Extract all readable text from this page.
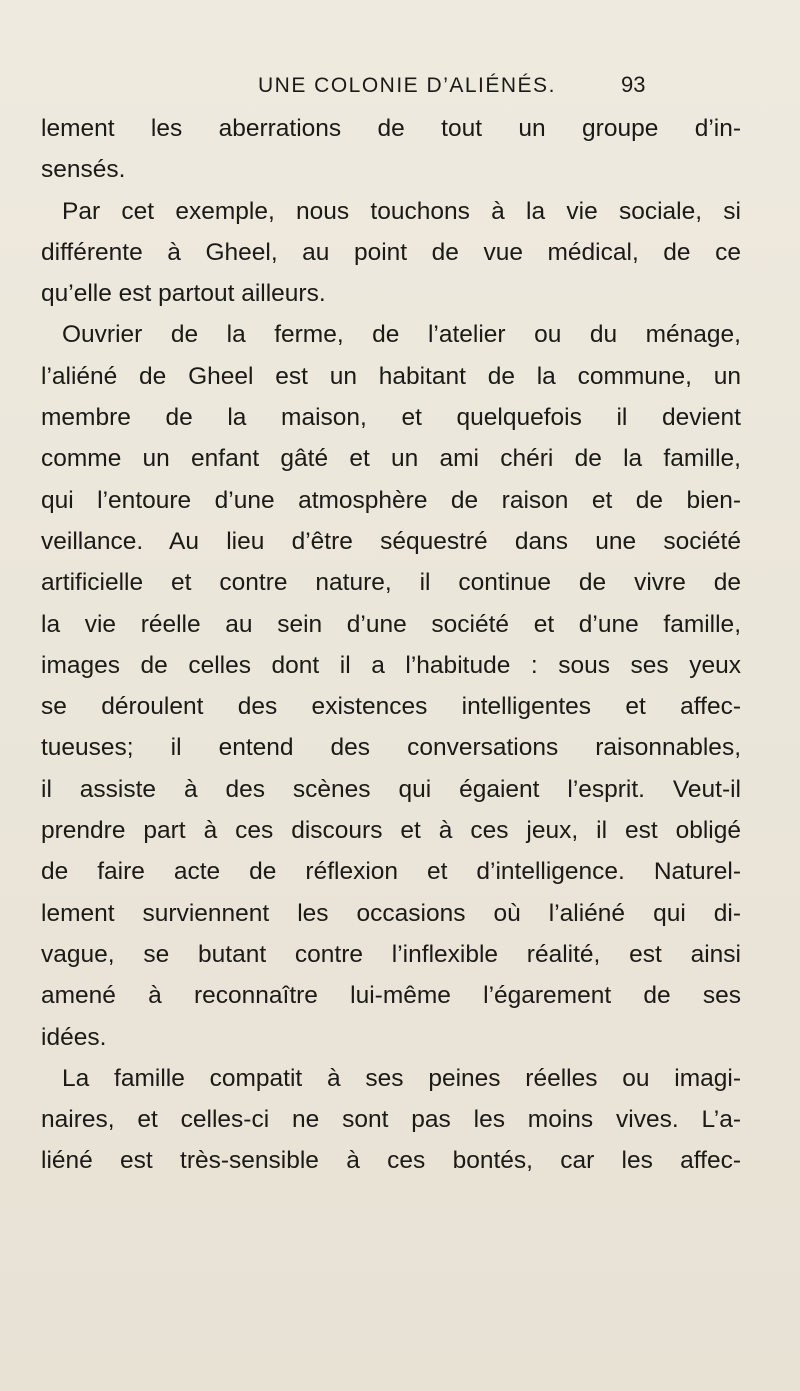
UNE COLONIE D’ALIÉNÉS.	93
lement les aberrations de tout un groupe d’in-
sensés.
Par cet exemple, nous touchons à la vie sociale, si
différente à Gheel, au point de vue médical, de ce
qu’elle est partout ailleurs.
Ouvrier de la ferme, de l’atelier ou du ménage,
l’aliéné de Gheel est un habitant de la commune, un
membre de la maison, et quelquefois il devient
comme un enfant gâté et un ami chéri de la famille,
qui l’entoure d’une atmosphère de raison et de bien-
veillance. Au lieu d’être séquestré dans une société
artificielle et contre nature, il continue de vivre de
la vie réelle au sein d’une société et d’une famille,
images de celles dont il a l’habitude : sous ses yeux
se déroulent des existences intelligentes et affec-
tueuses; il entend des conversations raisonnables,
il assiste à des scènes qui égaient l’esprit. Veut-il
prendre part à ces discours et à ces jeux, il est obligé
de faire acte de réflexion et d’intelligence. Naturel-
lement surviennent les occasions où l’aliéné qui di-
vague, se butant contre l’inflexible réalité, est ainsi
amené à reconnaître lui-même l’égarement de ses
idées.
La famille compatit à ses peines réelles ou imagi-
naires, et celles-ci ne sont pas les moins vives. L’a-
liéné est très-sensible à ces bontés, car les affec-
